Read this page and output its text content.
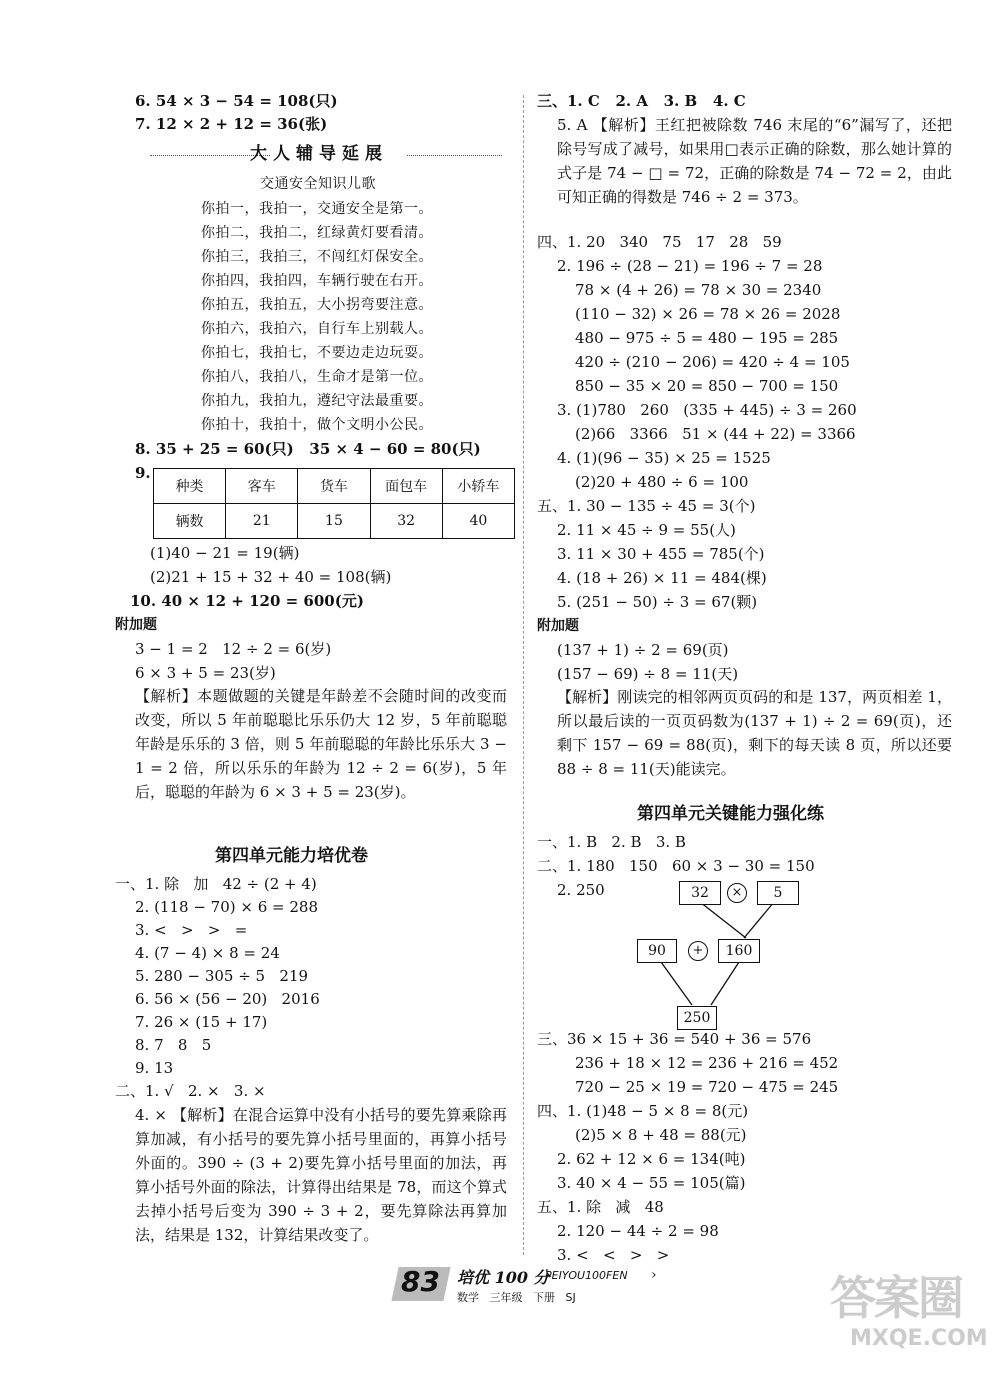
6. 54 × 3 − 54 = 108(只)
7. 12 × 2 + 12 = 36(张)
大人辅导延展
交通安全知识儿歌
你拍一，我拍一，交通安全是第一。
你拍二，我拍二，红绿黄灯要看清。
你拍三，我拍三，不闯红灯保安全。
你拍四，我拍四，车辆行驶在右开。
你拍五，我拍五，大小拐弯要注意。
你拍六，我拍六，自行车上别载人。
你拍七，我拍七，不要边走边玩耍。
你拍八，我拍八，生命才是第一位。
你拍九，我拍九，遵纪守法最重要。
你拍十，我拍十，做个文明小公民。
8. 35 + 25 = 60(只)   35 × 4 − 60 = 80(只)
9.
种类	客车	货车	面包车	小轿车
辆数	21	15	32	40
(1)40 − 21 = 19(辆)
(2)21 + 15 + 32 + 40 = 108(辆)
10. 40 × 12 + 120 = 600(元)
附加题
3 − 1 = 2   12 ÷ 2 = 6(岁)
6 × 3 + 5 = 23(岁)
【解析】本题做题的关键是年龄差不会随时间的改变而改变，所以 5 年前聪聪比乐乐仍大 12 岁，5 年前聪聪年龄是乐乐的 3 倍，则 5 年前聪聪的年龄比乐乐大 3 − 1 = 2 倍，所以乐乐的年龄为 12 ÷ 2 = 6(岁)，5 年后，聪聪的年龄为 6 × 3 + 5 = 23(岁)。
第四单元能力培优卷
一、1. 除   加   42 ÷ (2 + 4)
2. (118 − 70) × 6 = 288
3. <   >   >   =
4. (7 − 4) × 8 = 24
5. 280 − 305 ÷ 5   219
6. 56 × (56 − 20)   2016
7. 26 × (15 + 17)
8. 7   8   5
9. 13
二、1. √   2. ×   3. ×
4. × 【解析】在混合运算中没有小括号的要先算乘除再算加减，有小括号的要先算小括号里面的，再算小括号外面的。390 ÷ (3 + 2)要先算小括号里面的加法，再算小括号外面的除法，计算得出结果是 78，而这个算式去掉小括号后变为 390 ÷ 3 + 2，要先算除法再算加法，结果是 132，计算结果改变了。
三、1. C   2. A   3. B   4. C
5. A 【解析】王红把被除数 746 末尾的“6”漏写了，还把除号写成了减号，如果用□表示正确的除数，那么她计算的式子是 74 − □ = 72，正确的除数是 74 − 72 = 2，由此可知正确的得数是 746 ÷ 2 = 373。
四、1. 20   340   75   17   28   59
2. 196 ÷ (28 − 21) = 196 ÷ 7 = 28
78 × (4 + 26) = 78 × 30 = 2340
(110 − 32) × 26 = 78 × 26 = 2028
480 − 975 ÷ 5 = 480 − 195 = 285
420 ÷ (210 − 206) = 420 ÷ 4 = 105
850 − 35 × 20 = 850 − 700 = 150
3. (1)780   260   (335 + 445) ÷ 3 = 260
(2)66   3366   51 × (44 + 22) = 3366
4. (1)(96 − 35) × 25 = 1525
(2)20 + 480 ÷ 6 = 100
五、1. 30 − 135 ÷ 45 = 3(个)
2. 11 × 45 ÷ 9 = 55(人)
3. 11 × 30 + 455 = 785(个)
4. (18 + 26) × 11 = 484(棵)
5. (251 − 50) ÷ 3 = 67(颗)
附加题
(137 + 1) ÷ 2 = 69(页)
(157 − 69) ÷ 8 = 11(天)
【解析】刚读完的相邻两页页码的和是 137，两页相差 1，所以最后读的一页页码数为(137 + 1) ÷ 2 = 69(页)，还剩下 157 − 69 = 88(页)，剩下的每天读 8 页，所以还要 88 ÷ 8 = 11(天)能读完。
第四单元关键能力强化练
一、1. B   2. B   3. B
二、1. 180   150   60 × 3 − 30 = 150
2. 250	32	×	5
90	+	160
250
三、36 × 15 + 36 = 540 + 36 = 576
236 + 18 × 12 = 236 + 216 = 452
720 − 25 × 19 = 720 − 475 = 245
四、1. (1)48 − 5 × 8 = 8(元)
(2)5 × 8 + 48 = 88(元)
2. 62 + 12 × 6 = 134(吨)
3. 40 × 4 − 55 = 105(篇)
五、1. 除   减   48
2. 120 − 44 ÷ 2 = 98
3. <   <   >   >
83 培优 100 分
PEIYOU100FEN ›
数学   三年级   下册   SJ	答案圈
MXQE.COM
